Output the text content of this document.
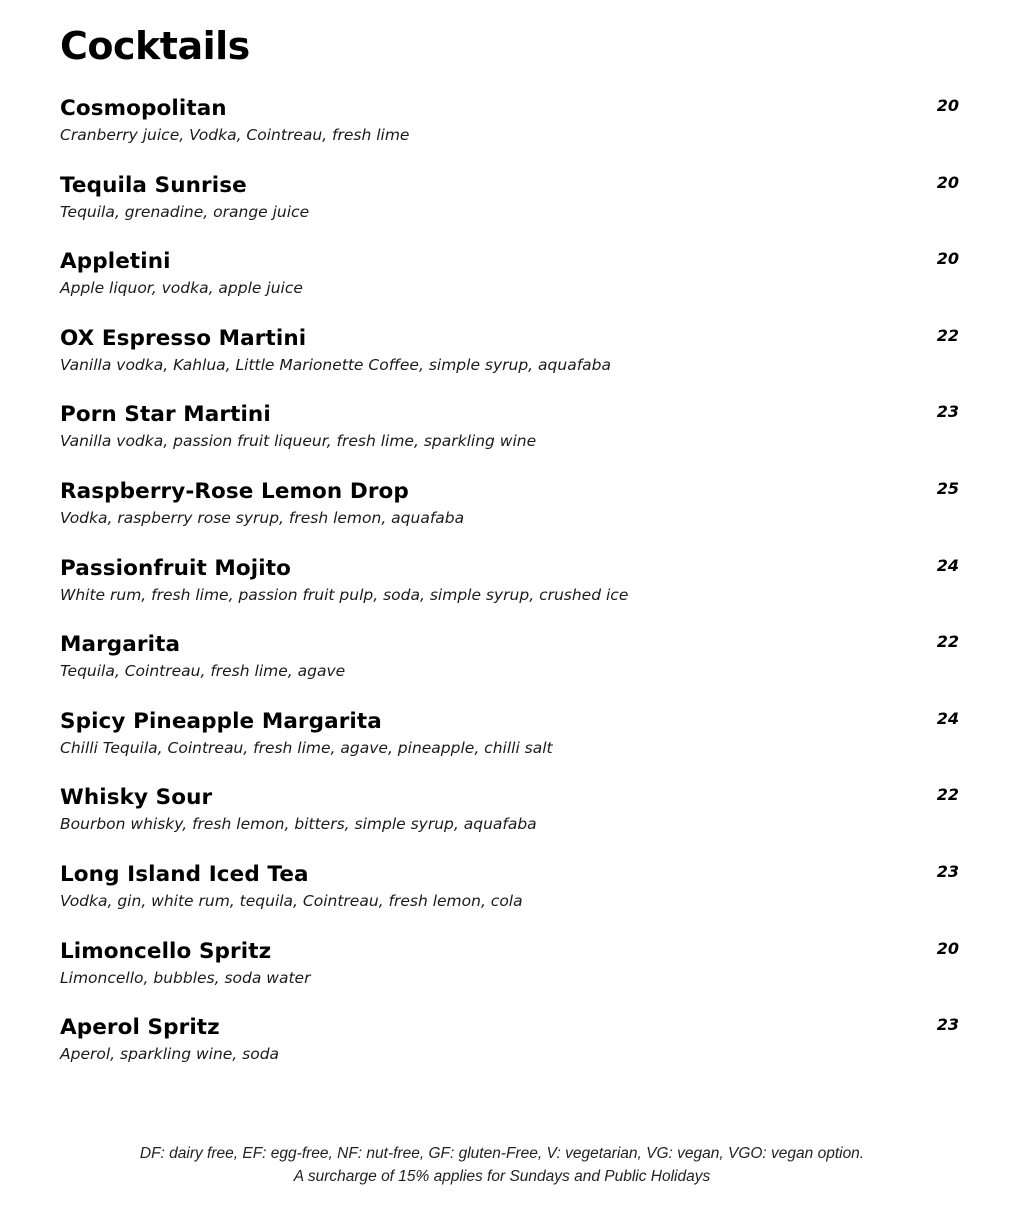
Cocktails
Cosmopolitan
Cranberry juice, Vodka, Cointreau, fresh lime
20
Tequila Sunrise
Tequila, grenadine, orange juice
20
Appletini
Apple liquor, vodka, apple juice
20
OX Espresso Martini
Vanilla vodka, Kahlua, Little Marionette Coffee, simple syrup, aquafaba
22
Porn Star Martini
Vanilla vodka, passion fruit liqueur, fresh lime, sparkling wine
23
Raspberry-Rose Lemon Drop
Vodka, raspberry rose syrup, fresh lemon, aquafaba
25
Passionfruit Mojito
White rum, fresh lime, passion fruit pulp, soda, simple syrup, crushed ice
24
Margarita
Tequila, Cointreau, fresh lime, agave
22
Spicy Pineapple Margarita
Chilli Tequila, Cointreau, fresh lime, agave, pineapple, chilli salt
24
Whisky Sour
Bourbon whisky, fresh lemon, bitters, simple syrup, aquafaba
22
Long Island Iced Tea
Vodka, gin, white rum, tequila, Cointreau, fresh lemon, cola
23
Limoncello Spritz
Limoncello, bubbles, soda water
20
Aperol Spritz
Aperol, sparkling wine, soda
23
DF: dairy free, EF: egg-free, NF: nut-free, GF: gluten-Free, V: vegetarian, VG: vegan, VGO: vegan option.
A surcharge of 15% applies for Sundays and Public Holidays
